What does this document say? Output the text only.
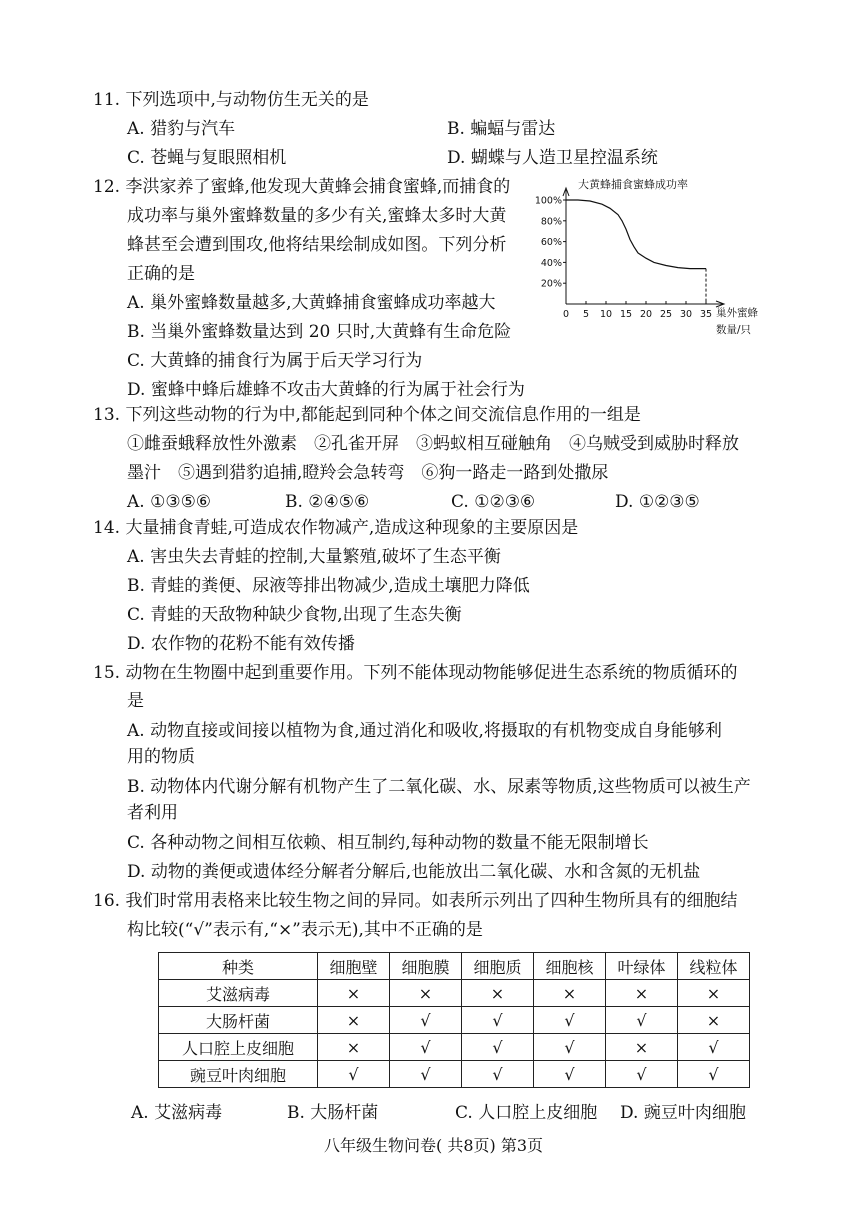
11. 下列选项中,与动物仿生无关的是
A. 猎豹与汽车	B. 蝙蝠与雷达
C. 苍蝇与复眼照相机	D. 蝴蝶与人造卫星控温系统
12. 李洪家养了蜜蜂,他发现大黄蜂会捕食蜜蜂,而捕食的
成功率与巢外蜜蜂数量的多少有关,蜜蜂太多时大黄
蜂甚至会遭到围攻,他将结果绘制成如图。下列分析
正确的是
A. 巢外蜜蜂数量越多,大黄蜂捕食蜜蜂成功率越大
B. 当巢外蜜蜂数量达到 20 只时,大黄蜂有生命危险
C. 大黄蜂的捕食行为属于后天学习行为
D. 蜜蜂中蜂后雄蜂不攻击大黄蜂的行为属于社会行为
大黄蜂捕食蜜蜂成功率
20%
40%
60%
80%
100%
0 5 10 15 20 25 30 35 巢外蜜蜂
数量/只
13. 下列这些动物的行为中,都能起到同种个体之间交流信息作用的一组是
①雌蚕蛾释放性外激素　②孔雀开屏　③蚂蚁相互碰触角　④乌贼受到威胁时释放
墨汁　⑤遇到猎豹追捕,瞪羚会急转弯　⑥狗一路走一路到处撒尿
A. ①③⑤⑥	B. ②④⑤⑥	C. ①②③⑥	D. ①②③⑤
14. 大量捕食青蛙,可造成农作物减产,造成这种现象的主要原因是
A. 害虫失去青蛙的控制,大量繁殖,破坏了生态平衡
B. 青蛙的粪便、尿液等排出物减少,造成土壤肥力降低
C. 青蛙的天敌物种缺少食物,出现了生态失衡
D. 农作物的花粉不能有效传播
15. 动物在生物圈中起到重要作用。下列不能体现动物能够促进生态系统的物质循环的
是
A. 动物直接或间接以植物为食,通过消化和吸收,将摄取的有机物变成自身能够利
用的物质
B. 动物体内代谢分解有机物产生了二氧化碳、水、尿素等物质,这些物质可以被生产
者利用
C. 各种动物之间相互依赖、相互制约,每种动物的数量不能无限制增长
D. 动物的粪便或遗体经分解者分解后,也能放出二氧化碳、水和含氮的无机盐
16. 我们时常用表格来比较生物之间的异同。如表所示列出了四种生物所具有的细胞结
构比较(“√”表示有,“×”表示无),其中不正确的是
种类	细胞壁	细胞膜	细胞质	细胞核	叶绿体	线粒体
艾滋病毒	×	×	×	×	×	×
大肠杆菌	×	√	√	√	√	×
人口腔上皮细胞	×	√	√	√	×	√
豌豆叶肉细胞	√	√	√	√	√	√
A. 艾滋病毒	B. 大肠杆菌	C. 人口腔上皮细胞 D. 豌豆叶肉细胞
八年级生物问卷( 共8页) 第3页
